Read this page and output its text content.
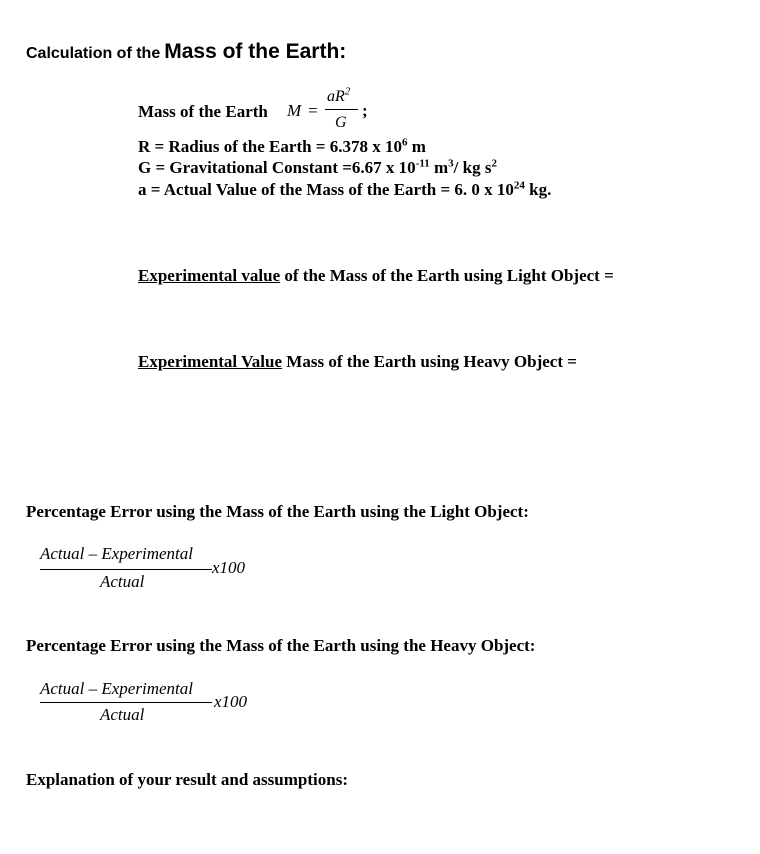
Calculation of the Mass of the Earth:
Mass of the Earth M =
$aR^2$
G
;
R = Radius of the Earth = 6.378 x $10^6$ m
G = Gravitational Constant =6.67 x $10^{-11}$ $m^3/$ kg $s^2$
a = Actual Value of the Mass of the Earth = 6. 0 x $10^{24}$ kg.
Experimental value of the Mass of the Earth using Light Object =
Experimental Value Mass of the Earth using Heavy Object =
Percentage Error using the Mass of the Earth using the Light Object:
Actual – Experimental
Actual
x100
Percentage Error using the Mass of the Earth using the Heavy Object:
Actual – Experimental
Actual
x100
Explanation of your result and assumptions:
